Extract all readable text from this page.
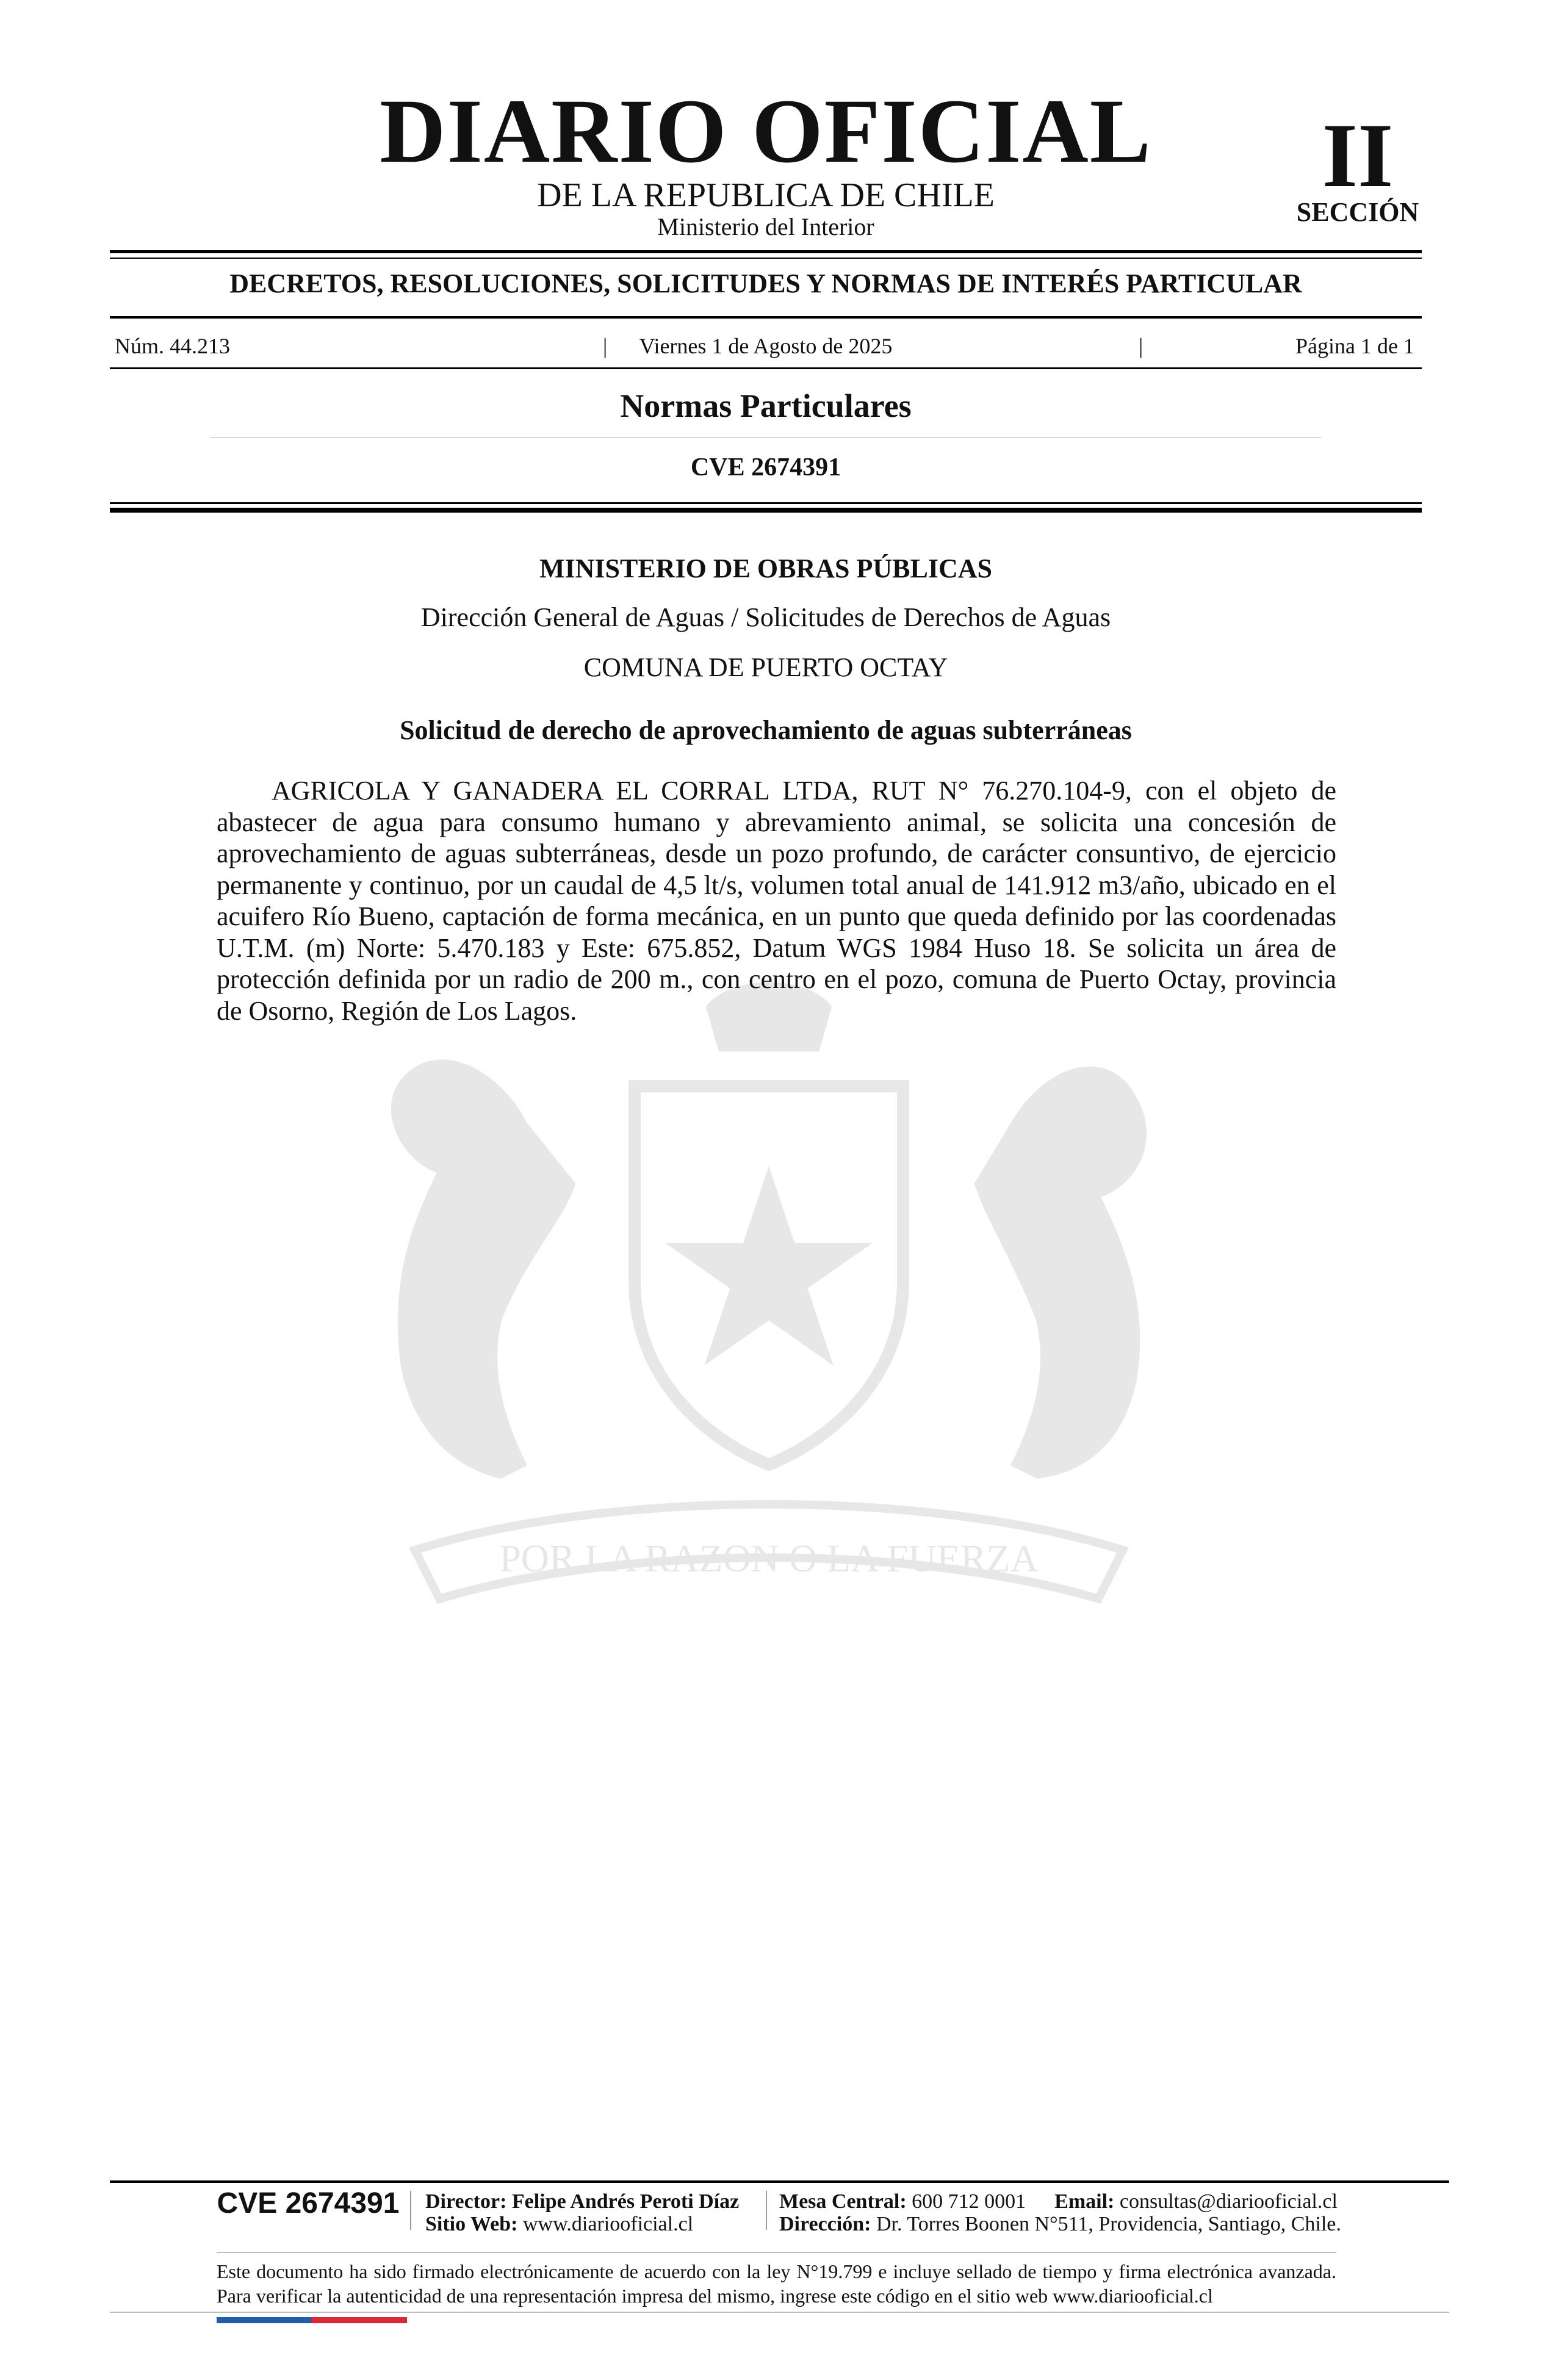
POR LA RAZON O LA FUERZA
DIARIO OFICIAL
DE LA REPUBLICA DE CHILE
Ministerio del Interior
II
SECCIÓN
DECRETOS, RESOLUCIONES, SOLICITUDES Y NORMAS DE INTERÉS PARTICULAR
Núm. 44.213	|	Viernes 1 de Agosto de 2025	|	Página 1 de 1
Normas Particulares
CVE 2674391
MINISTERIO DE OBRAS PÚBLICAS
Dirección General de Aguas / Solicitudes de Derechos de Aguas
COMUNA DE PUERTO OCTAY
Solicitud de derecho de aprovechamiento de aguas subterráneas

AGRICOLA Y GANADERA EL CORRAL LTDA, RUT N° 76.270.104-9, con el objeto de abastecer de agua para consumo humano y abrevamiento animal, se solicita una concesión de aprovechamiento de aguas subterráneas, desde un pozo profundo, de carácter consuntivo, de ejercicio permanente y continuo, por un caudal de 4,5 lt/s, volumen total anual de 141.912 m3/año, ubicado en el acuifero Río Bueno, captación de forma mecánica, en un punto que queda definido por las coordenadas U.T.M. (m) Norte: 5.470.183 y Este: 675.852, Datum WGS 1984 Huso 18. Se solicita un área de protección definida por un radio de 200 m., con centro en el pozo, comuna de Puerto Octay, provincia de Osorno, Región de Los Lagos.

CVE 2674391	Director: Felipe Andrés Peroti Díaz
Sitio Web: www.diariooficial.cl
Mesa Central: 600 712 0001 Email: consultas@diariooficial.cl
Dirección: Dr. Torres Boonen N°511, Providencia, Santiago, Chile.

Este documento ha sido firmado electrónicamente de acuerdo con la ley N°19.799 e incluye sellado de tiempo y firma electrónica avanzada. Para verificar la autenticidad de una representación impresa del mismo, ingrese este código en el sitio web www.diariooficial.cl
